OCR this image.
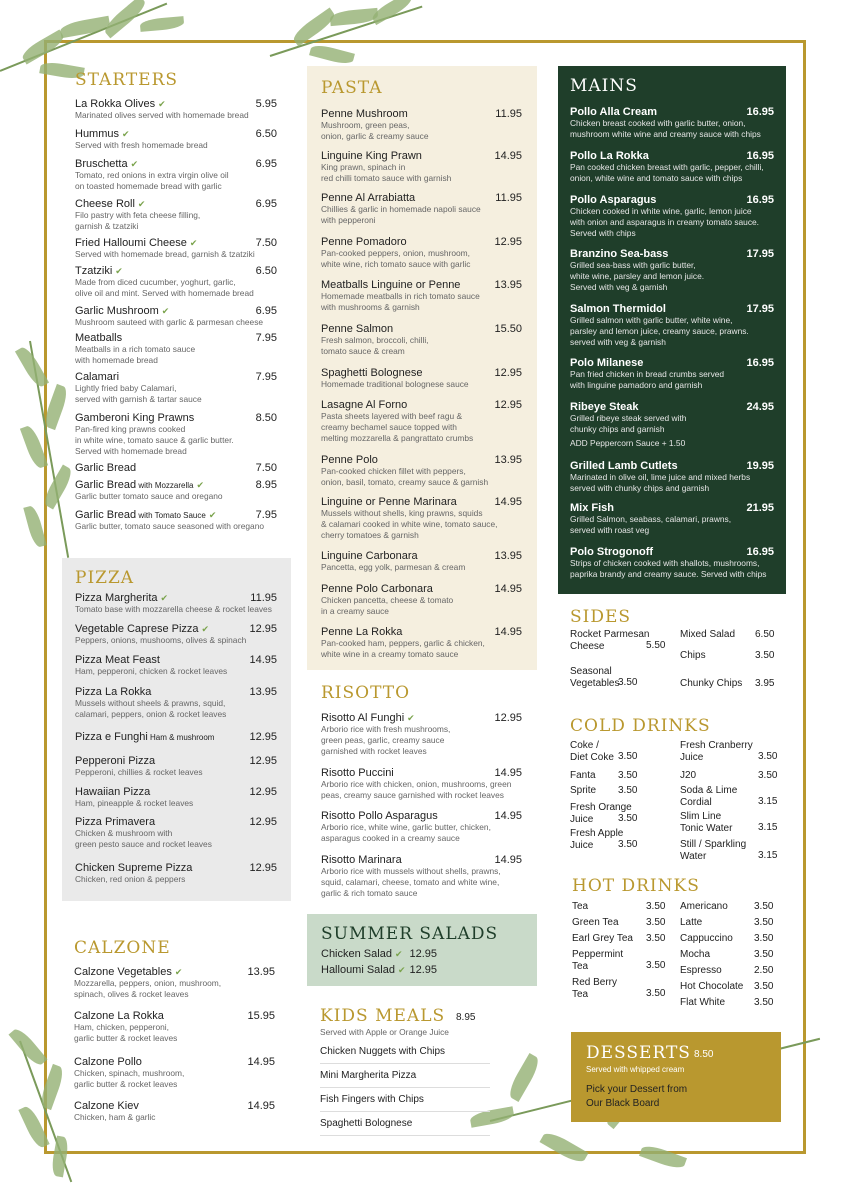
STARTERS
La Rokka Olives ✔	5.95
Marinated olives served with homemade bread
Hummus ✔	6.50
Served with fresh homemade bread
Bruschetta ✔	6.95
Tomato, red onions in extra virgin olive oil
on toasted homemade bread with garlic
Cheese Roll ✔	6.95
Filo pastry with feta cheese filling,
garnish & tzatziki
Fried Halloumi Cheese ✔	7.50
Served with homemade bread, garnish & tzatziki
Tzatziki ✔	6.50
Made from diced cucumber, yoghurt, garlic,
olive oil and mint. Served with homemade bread
Garlic Mushroom ✔	6.95
Mushroom sauteed with garlic & parmesan cheese
Meatballs	7.95
Meatballs in a rich tomato sauce
with homemade bread
Calamari	7.95
Lightly fried baby Calamari,
served with garnish & tartar sauce
Gamberoni King Prawns	8.50
Pan-fired king prawns cooked
in white wine, tomato sauce & garlic butter.
Served with homemade bread
Garlic Bread	7.50
Garlic Bread with Mozzarella ✔	8.95
Garlic butter tomato sauce and oregano
Garlic Bread with Tomato Sauce ✔	7.95
Garlic butter, tomato sauce seasoned with oregano
PIZZA
Pizza Margherita ✔	11.95
Tomato base with mozzarella cheese & rocket leaves
Vegetable Caprese Pizza ✔	12.95
Peppers, onions, mushooms, olives & spinach
Pizza Meat Feast	14.95
Ham, pepperoni, chicken & rocket leaves
Pizza La Rokka	13.95
Mussels without sheels & prawns, squid,
calamari, peppers, onion & rocket leaves
Pizza e Funghi Ham & mushroom	12.95
Pepperoni Pizza	12.95
Pepperoni, chillies & rocket leaves
Hawaiian Pizza	12.95
Ham, pineapple & rocket leaves
Pizza Primavera	12.95
Chicken & mushroom with
green pesto sauce and rocket leaves
Chicken Supreme Pizza	12.95
Chicken, red onion & peppers
CALZONE
Calzone Vegetables ✔	13.95
Mozzarella, peppers, onion, mushroom,
spinach, olives & rocket leaves
Calzone La Rokka	15.95
Ham, chicken, pepperoni,
garlic butter & rocket leaves
Calzone Pollo	14.95
Chicken, spinach, mushroom,
garlic butter & rocket leaves
Calzone Kiev	14.95
Chicken, ham & garlic
PASTA
Penne Mushroom	11.95
Mushroom, green peas,
onion, garlic & creamy sauce
Linguine King Prawn	14.95
King prawn, spinach in
red chilli tomato sauce with garnish
Penne Al Arrabiatta	11.95
Chillies & garlic in homemade napoli sauce
with pepperoni
Penne Pomadoro	12.95
Pan-cooked peppers, onion, mushroom,
white wine, rich tomato sauce with garlic
Meatballs Linguine or Penne	13.95
Homemade meatballs in rich tomato sauce
with mushrooms & garnish
Penne Salmon	15.50
Fresh salmon, broccoli, chilli,
tomato sauce & cream
Spaghetti Bolognese	12.95
Homemade traditional bolognese sauce
Lasagne Al Forno	12.95
Pasta sheets layered with beef ragu &
creamy bechamel sauce topped with
melting mozzarella & pangrattato crumbs
Penne Polo	13.95
Pan-cooked chicken fillet with peppers,
onion, basil, tomato, creamy sauce & garnish
Linguine or Penne Marinara	14.95
Mussels without shells, king prawns, squids
& calamari cooked in white wine, tomato sauce,
cherry tomatoes & garnish
Linguine Carbonara	13.95
Pancetta, egg yolk, parmesan & cream
Penne Polo Carbonara	14.95
Chicken pancetta, cheese & tomato
in a creamy sauce
Penne La Rokka	14.95
Pan-cooked ham, peppers, garlic & chicken,
white wine in a creamy tomato sauce
RISOTTO
Risotto Al Funghi ✔	12.95
Arborio rice with fresh mushrooms,
green peas, garlic, creamy sauce
garnished with rocket leaves
Risotto Puccini	14.95
Arborio rice with chicken, onion, mushrooms, green
peas, creamy sauce garnished with rocket leaves
Risotto Pollo Asparagus	14.95
Arborio rice, white wine, garlic butter, chicken,
asparagus cooked in a creamy sauce
Risotto Marinara	14.95
Arborio rice with mussels without shells, prawns,
squid, calamari, cheese, tomato and white wine,
garlic & rich tomato sauce
SUMMER SALADS
Chicken Salad ✔ 12.95
Halloumi Salad ✔ 12.95
KIDS MEALS 8.95
Served with Apple or Orange Juice
Chicken Nuggets with Chips
Mini Margherita Pizza
Fish Fingers with Chips
Spaghetti Bolognese
MAINS
Pollo Alla Cream	16.95
Chicken breast cooked with garlic butter, onion,
mushroom white wine and creamy sauce with chips
Pollo La Rokka	16.95
Pan cooked chicken breast with garlic, pepper, chilli,
onion, white wine and tomato sauce with chips
Pollo Asparagus	16.95
Chicken cooked in white wine, garlic, lemon juice
with onion and asparagus in creamy tomato sauce.
Served with chips
Branzino Sea-bass	17.95
Grilled sea-bass with garlic butter,
white wine, parsley and lemon juice.
Served with veg & garnish
Salmon Thermidol	17.95
Grilled salmon with garlic butter, white wine,
parsley and lemon juice, creamy sauce, prawns.
served with veg & garnish
Polo Milanese	16.95
Pan fried chicken in bread crumbs served
with linguine pamadoro and garnish
Ribeye Steak	24.95
Grilled ribeye steak served with
chunky chips and garnish
ADD Peppercorn Sauce + 1.50
Grilled Lamb Cutlets	19.95
Marinated in olive oil, lime juice and mixed herbs
served with chunky chips and garnish
Mix Fish	21.95
Grilled Salmon, seabass, calamari, prawns,
served with roast veg
Polo Strogonoff	16.95
Strips of chicken cooked with shallots, mushrooms,
paprika brandy and creamy sauce. Served with chips
SIDES
Rocket Parmesan
Cheese	5.50
Seasonal
Vegetables
3.50
Mixed Salad	6.50
Chips	3.50
Chunky Chips	3.95
COLD DRINKS
Coke /
Diet Coke 3.50
Fanta	3.50
Sprite	3.50
Fresh Orange
Juice	3.50
Fresh Apple
Juice	3.50
Fresh Cranberry
Juice	3.50
J20	3.50
Soda & Lime
Cordial	3.15
Slim Line
Tonic Water	3.15
Still / Sparkling
Water	3.15
HOT DRINKS
Tea	3.50
Green Tea	3.50
Earl Grey Tea	3.50
Peppermint
Tea	3.50
Red Berry
Tea	3.50
Americano	3.50
Latte	3.50
Cappuccino	3.50
Mocha	3.50
Espresso	2.50
Hot Chocolate	3.50
Flat White	3.50
DESSERTS 8.50
Served with whipped cream
Pick your Dessert from
Our Black Board
